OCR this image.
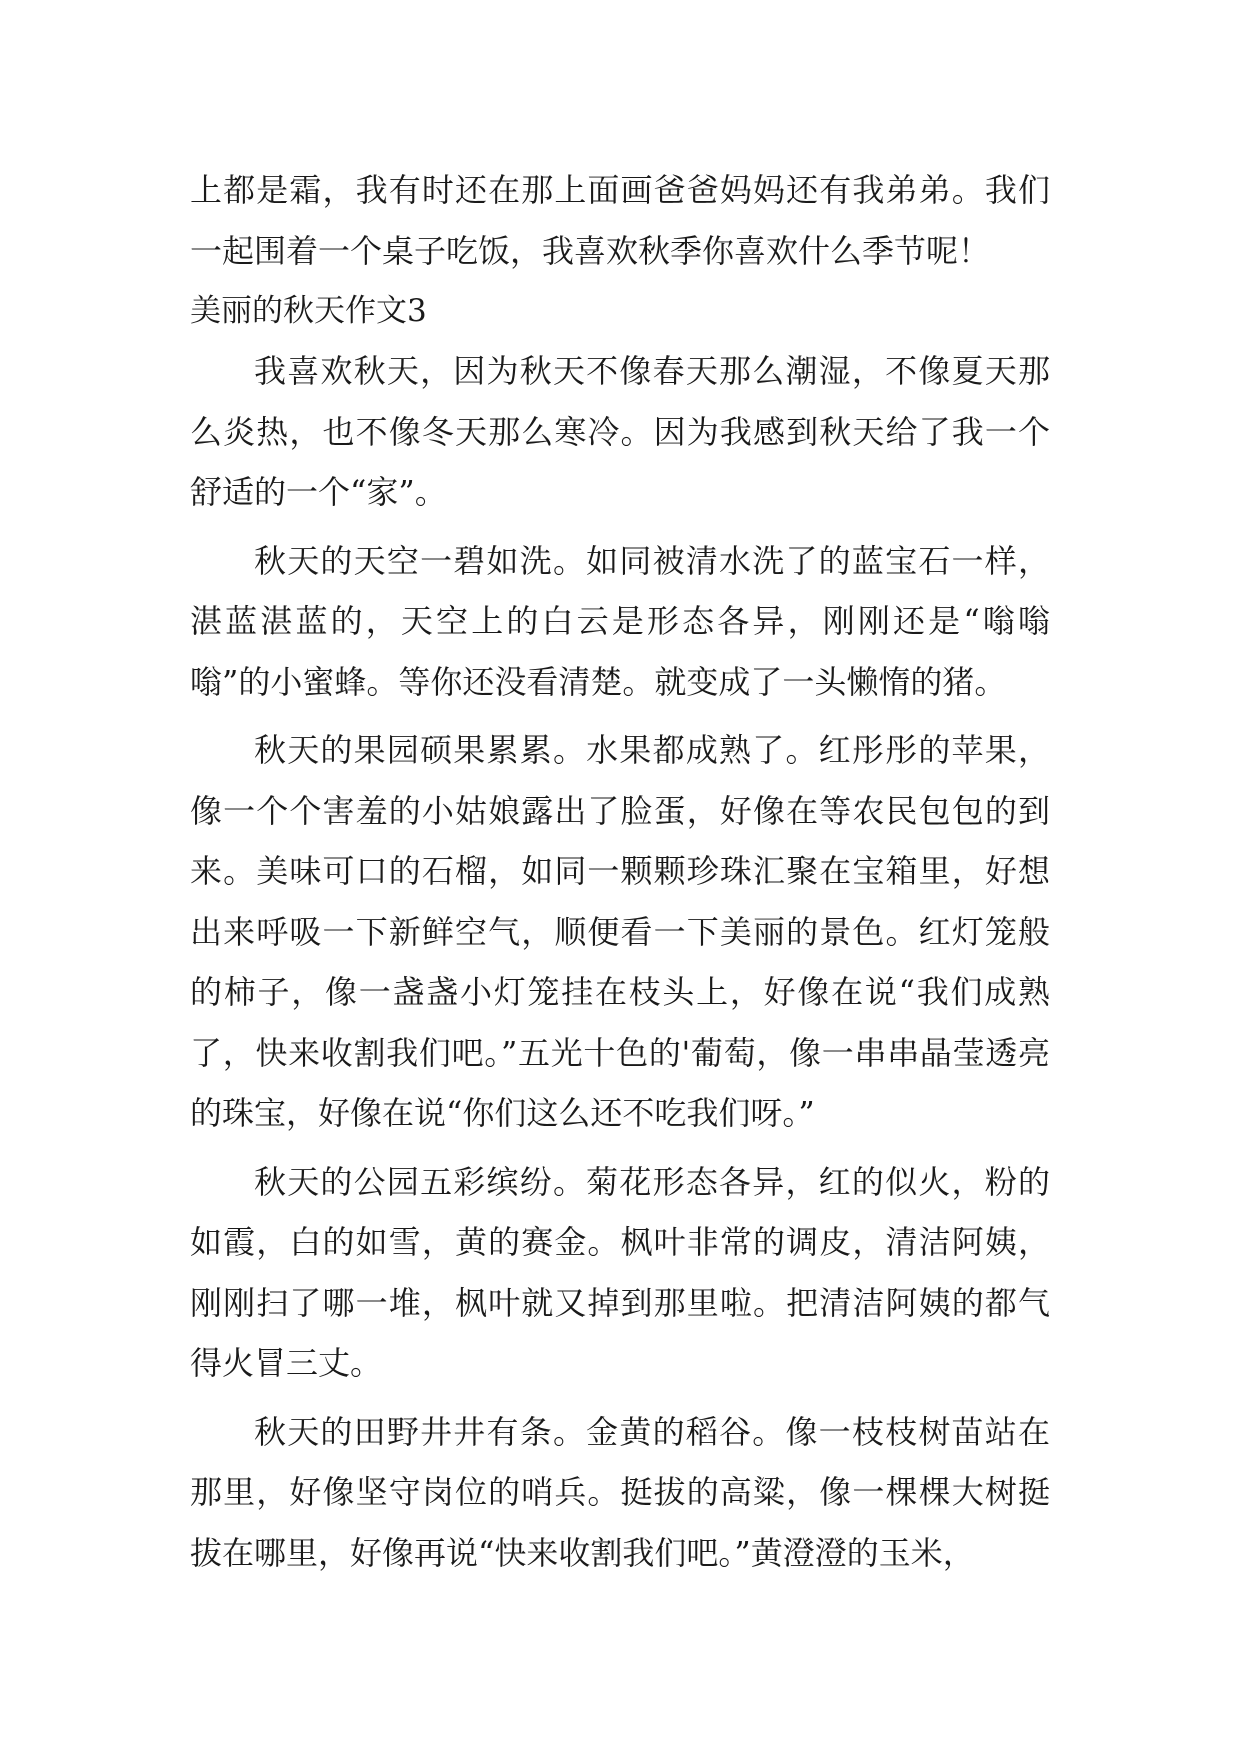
上都是霜，我有时还在那上面画爸爸妈妈还有我弟弟。我们一起围着一个桌子吃饭，我喜欢秋季你喜欢什么季节呢！

美丽的秋天作文3

我喜欢秋天，因为秋天不像春天那么潮湿，不像夏天那么炎热，也不像冬天那么寒冷。因为我感到秋天给了我一个舒适的一个“家”。

秋天的天空一碧如洗。如同被清水洗了的蓝宝石一样，湛蓝湛蓝的，天空上的白云是形态各异，刚刚还是“嗡嗡嗡”的小蜜蜂。等你还没看清楚。就变成了一头懒惰的猪。

秋天的果园硕果累累。水果都成熟了。红彤彤的苹果，像一个个害羞的小姑娘露出了脸蛋，好像在等农民包包的到来。美味可口的石榴，如同一颗颗珍珠汇聚在宝箱里，好想出来呼吸一下新鲜空气，顺便看一下美丽的景色。红灯笼般的柿子，像一盏盏小灯笼挂在枝头上，好像在说“我们成熟了，快来收割我们吧。”五光十色的'葡萄，像一串串晶莹透亮的珠宝，好像在说“你们这么还不吃我们呀。”

秋天的公园五彩缤纷。菊花形态各异，红的似火，粉的如霞，白的如雪，黄的赛金。枫叶非常的调皮，清洁阿姨，刚刚扫了哪一堆，枫叶就又掉到那里啦。把清洁阿姨的都气得火冒三丈。

秋天的田野井井有条。金黄的稻谷。像一枝枝树苗站在那里，好像坚守岗位的哨兵。挺拔的高粱，像一棵棵大树挺拔在哪里，好像再说“快来收割我们吧。”黄澄澄的玉米，
